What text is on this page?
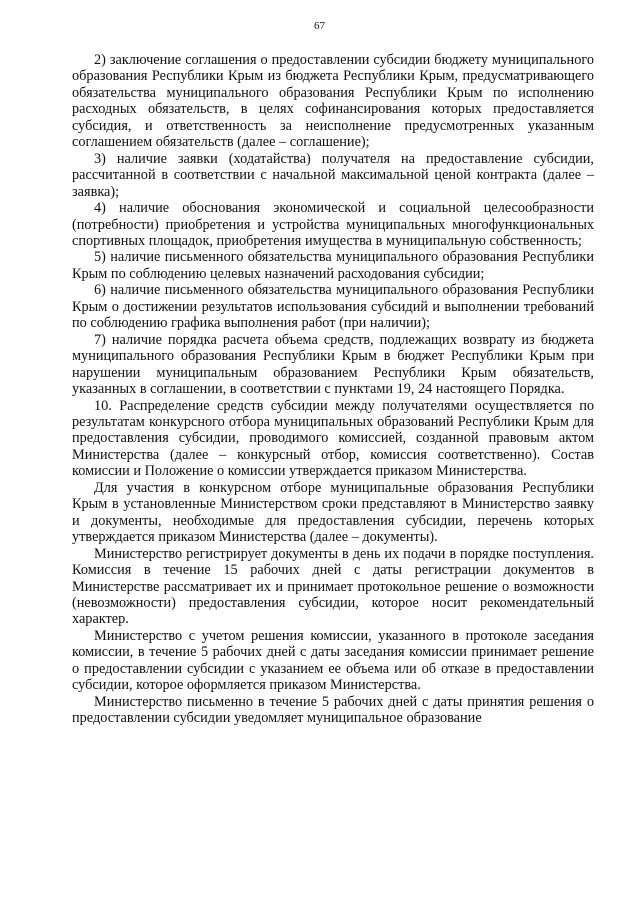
67

2) заключение соглашения о предоставлении субсидии бюджету муниципального образования Республики Крым из бюджета Республики Крым, предусматривающего обязательства муниципального образования Республики Крым по исполнению расходных обязательств, в целях софинансирования которых предоставляется субсидия, и ответственность за неисполнение предусмотренных указанным соглашением обязательств (далее – соглашение);

3) наличие заявки (ходатайства) получателя на предоставление субсидии, рассчитанной в соответствии с начальной максимальной ценой контракта (далее – заявка);

4) наличие обоснования экономической и социальной целесообразности (потребности) приобретения и устройства муниципальных многофункциональных спортивных площадок, приобретения имущества в муниципальную собственность;

5) наличие письменного обязательства муниципального образования Республики Крым по соблюдению целевых назначений расходования субсидии;

6) наличие письменного обязательства муниципального образования Республики Крым о достижении результатов использования субсидий и выполнении требований по соблюдению графика выполнения работ (при наличии);

7) наличие порядка расчета объема средств, подлежащих возврату из бюджета муниципального образования Республики Крым в бюджет Республики Крым при нарушении муниципальным образованием Республики Крым обязательств, указанных в соглашении, в соответствии с пунктами 19, 24 настоящего Порядка.

10. Распределение средств субсидии между получателями осуществляется по результатам конкурсного отбора муниципальных образований Республики Крым для предоставления субсидии, проводимого комиссией, созданной правовым актом Министерства (далее – конкурсный отбор, комиссия соответственно). Состав комиссии и Положение о комиссии утверждается приказом Министерства.

Для участия в конкурсном отборе муниципальные образования Республики Крым в установленные Министерством сроки представляют в Министерство заявку и документы, необходимые для предоставления субсидии, перечень которых утверждается приказом Министерства (далее – документы).

Министерство регистрирует документы в день их подачи в порядке поступления. Комиссия в течение 15 рабочих дней с даты регистрации документов в Министерстве рассматривает их и принимает протокольное решение о возможности (невозможности) предоставления субсидии, которое носит рекомендательный характер.

Министерство с учетом решения комиссии, указанного в протоколе заседания комиссии, в течение 5 рабочих дней с даты заседания комиссии принимает решение о предоставлении субсидии с указанием ее объема или об отказе в предоставлении субсидии, которое оформляется приказом Министерства.

Министерство письменно в течение 5 рабочих дней с даты принятия решения о предоставлении субсидии уведомляет муниципальное образование
